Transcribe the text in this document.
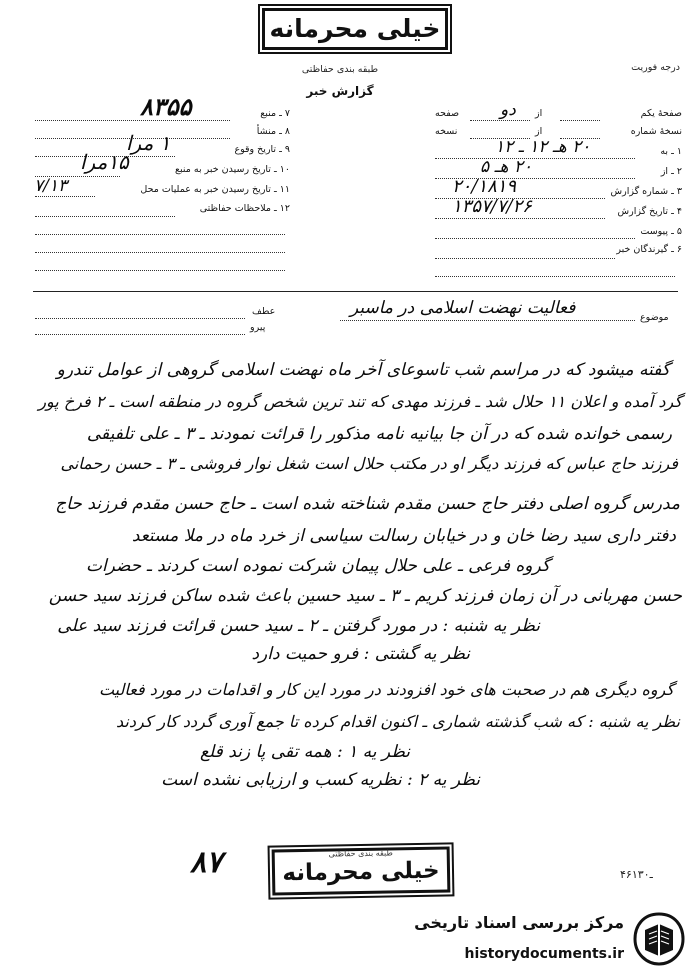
خیلی محرمانه
درجه فوریت
طبقه بندی حفاظتی
گزارش خبر
صفحهٔ یکم
نسخهٔ شماره
از
از
دو
صفحه
نسخه
۱ ـ به
۲۰ هـ ۱۲ ـ ۱۲
۲ ـ از
۲۰ هـ ۵
۳ ـ شماره گزارش
۲۰/۱۸۱۹
۴ ـ تاریخ گزارش
۱۳۵۷/۷/۲۶
۵ ـ پیوست
۶ ـ گیرندگان خبر
۷ ـ منبع
۸۳۵۵
۸ ـ منشأ
۹ ـ تاریخ وقوع
۱ مرا
۱۰ ـ تاریخ رسیدن خبر به منبع
۱۵مرا
۱۱ ـ تاریخ رسیدن خبر به عملیات محل
۷/۱۳
۱۲ ـ ملاحظات حفاظتی
موضوع
فعالیت نهضت اسلامی در ماسبر
عطف
پیرو
گفته میشود که در مراسم شب تاسوعای آخر ماه نهضت اسلامی گروهی از عوامل تندرو
گرد آمده و اعلان ۱۱ حلال شد ـ فرزند مهدی که تند ترین شخص گروه در منطقه است ـ ۲ فرخ پور
رسمی خوانده شده که در آن جا بیانیه نامه مذکور را قرائت نمودند ـ ۳ ـ علی تلفیقی
فرزند حاج عباس که فرزند دیگر او در مکتب حلال است شغل نوار فروشی ـ ۳ ـ حسن رحمانی
مدرس گروه اصلی دفتر حاج حسن مقدم شناخته شده است ـ حاج حسن مقدم فرزند حاج
دفتر داری سید رضا خان و در خیابان رسالت سیاسی از خرد ماه در ملا مستعد
گروه فرعی ـ علی حلال پیمان شرکت نموده است کردند ـ حضرات
حسن مهربانی در آن زمان فرزند کریم ـ ۳ ـ سید حسین باعث شده ساکن فرزند سید حسن
نظر یه شنبه : در مورد گرفتن ـ ۲ ـ سید حسن قرائت فرزند سید علی
نظر یه گشتی : فرو حمیت دارد
گروه دیگری هم در صحبت های خود افزودند در مورد این کار و اقدامات در مورد فعالیت
نظر یه شنبه : که شب گذشته شماری ـ اکنون اقدام کرده تا جمع آوری گردد کار کردند
نظر یه ۱ : همه تقی پا زند قلع
نظر یه ۲ : نظریه کسب و ارزیابی نشده است
۸۷	طبقه بندی حفاظتی
خیلی محرمانه	۴۶ـ۱۳۰
مرکز بررسی اسناد تاریخی
historydocuments.ir
